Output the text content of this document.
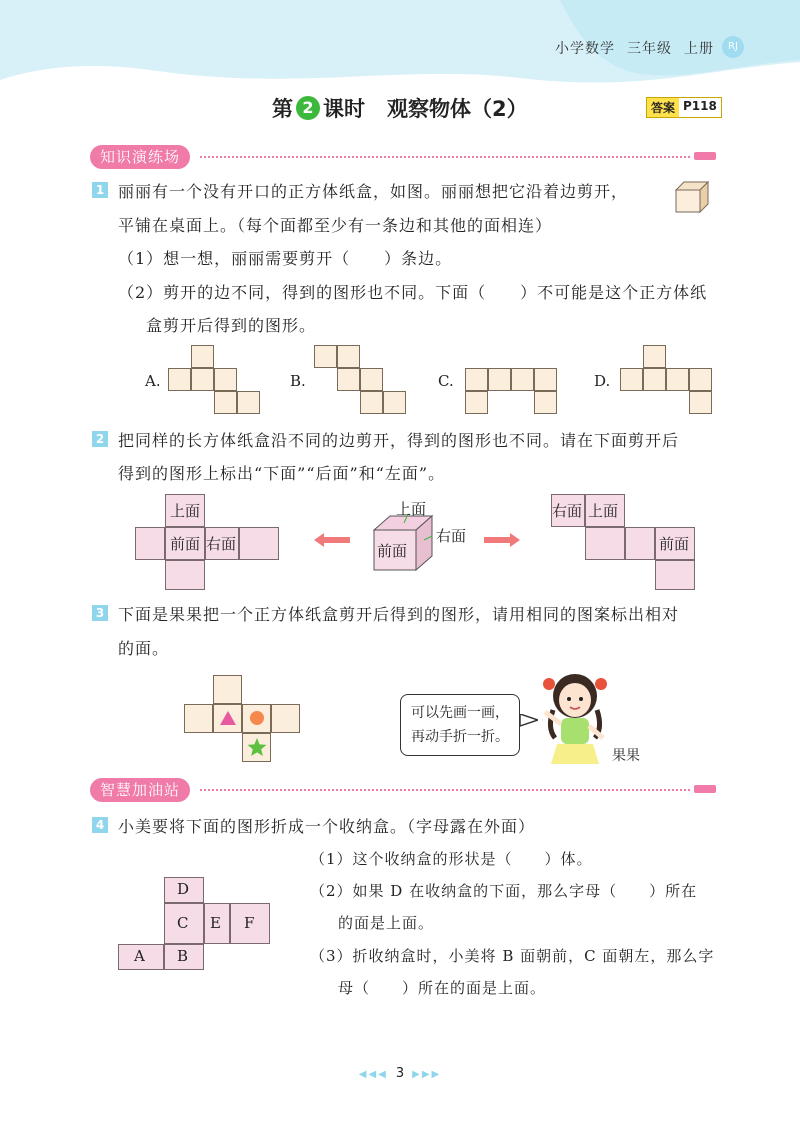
小学数学 三年级 上册	RJ
第 2 课时 观察物体（2）	答案 P118
知识演练场
1 丽丽有一个没有开口的正方体纸盒，如图。丽丽想把它沿着边剪开，
平铺在桌面上。（每个面都至少有一条边和其他的面相连）
（1）想一想，丽丽需要剪开（　　）条边。
（2）剪开的边不同，得到的图形也不同。下面（　　）不可能是这个正方体纸
盒剪开后得到的图形。
A.	B.	C.	D.
2 把同样的长方体纸盒沿不同的边剪开，得到的图形也不同。请在下面剪开后
得到的图形上标出“下面”“后面”和“左面”。
上面
前面 右面
上面
右面
前面
右面 上面
前面
3 下面是果果把一个正方体纸盒剪开后得到的图形，请用相同的图案标出相对
的面。
可以先画一画，
再动手折一折。
果果
智慧加油站
4 小美要将下面的图形折成一个收纳盒。（字母露在外面）
D
C E F
A B
（1）这个收纳盒的形状是（　　）体。
（2）如果 D 在收纳盒的下面，那么字母（　　）所在
的面是上面。
（3）折收纳盒时，小美将 B 面朝前，C 面朝左，那么字
母（　　）所在的面是上面。
◀◀◀ 3 ▶▶▶
